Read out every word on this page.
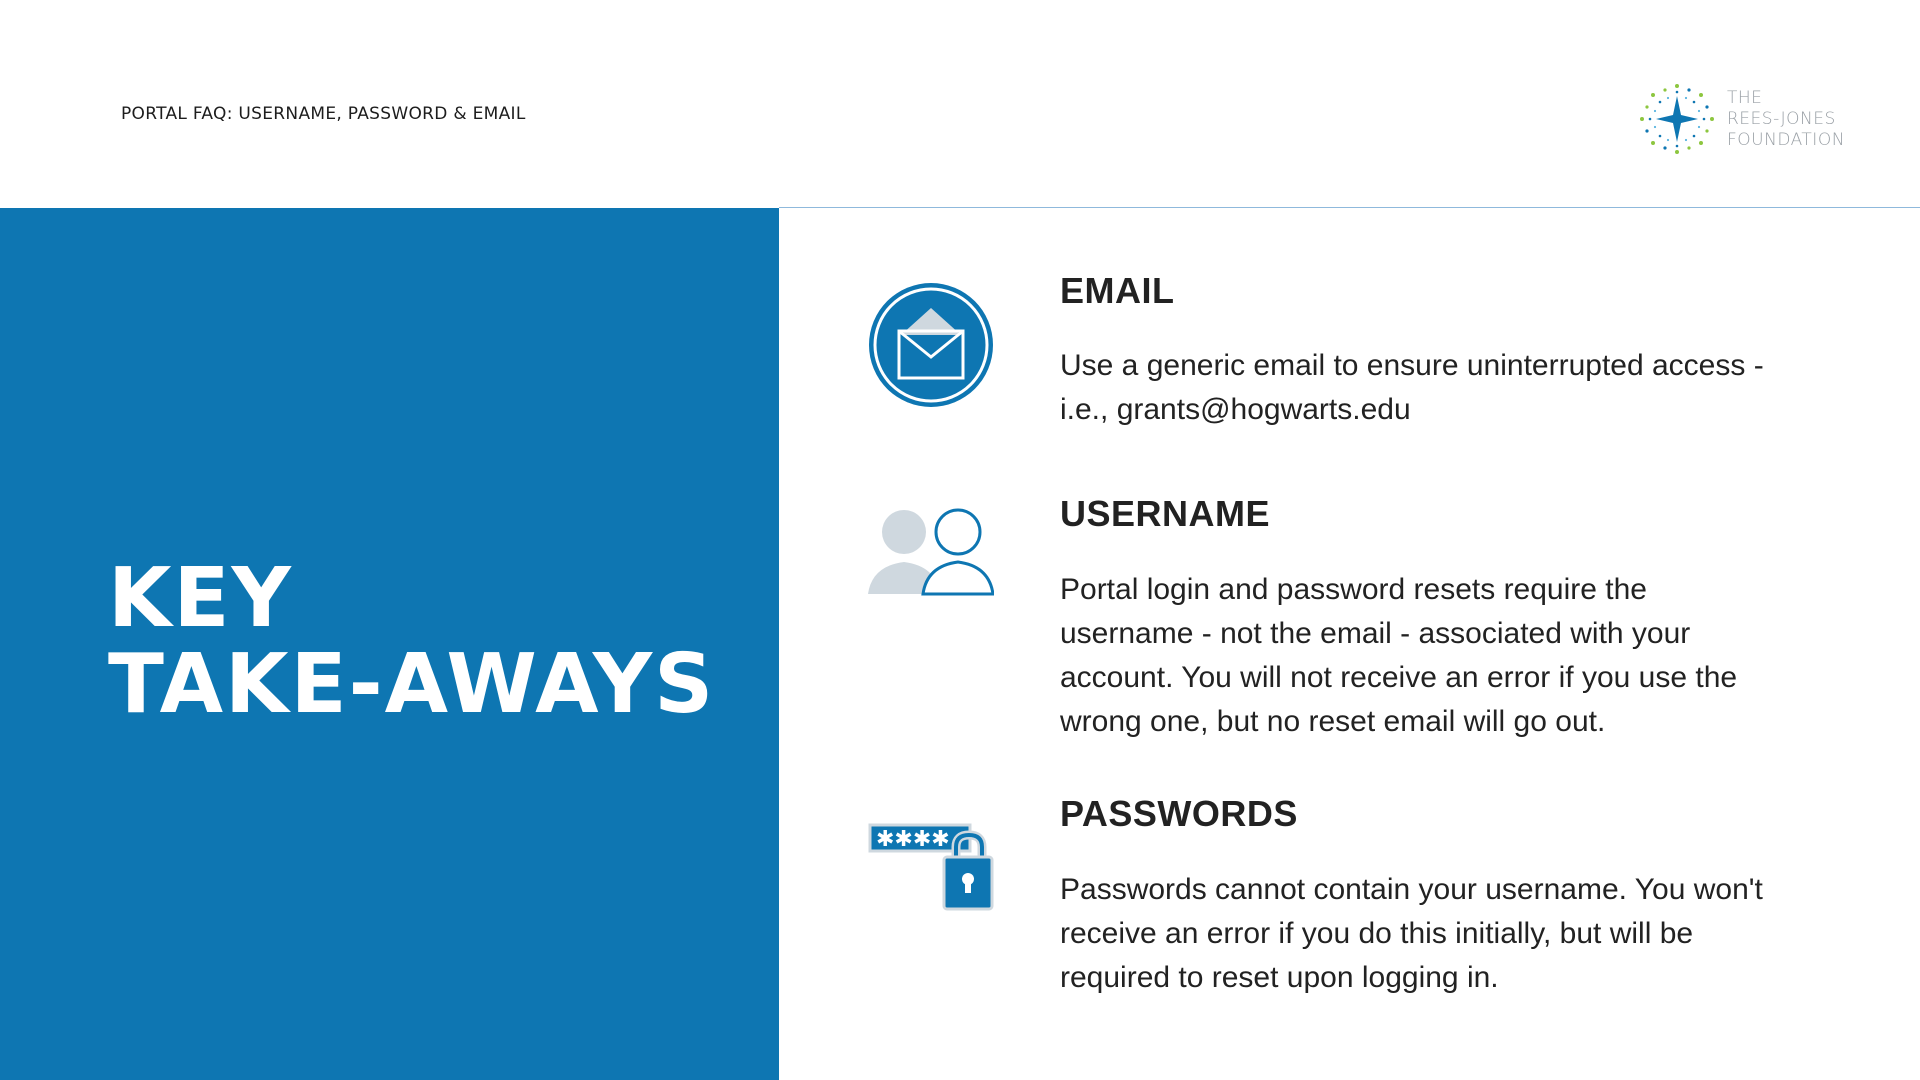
PORTAL FAQ: USERNAME, PASSWORD & EMAIL
THE
REES-JONES
FOUNDATION
KEY
TAKE-AWAYS
EMAIL

Use a generic email to ensure uninterrupted access - i.e., grants@hogwarts.edu

USERNAME

Portal login and password resets require the username - not the email - associated with your account. You will not receive an error if you use the wrong one, but no reset email will go out.

✱✱✱✱
PASSWORDS

Passwords cannot contain your username. You won't receive an error if you do this initially, but will be required to reset upon logging in.
